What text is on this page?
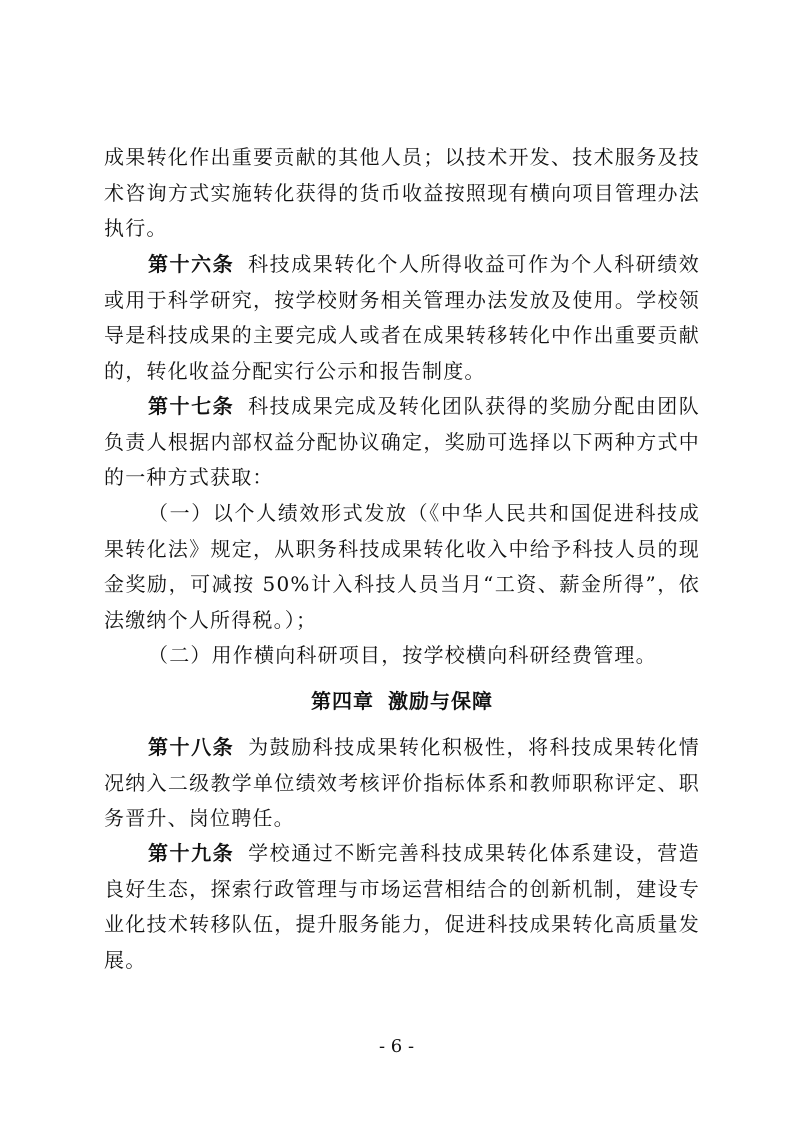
成果转化作出重要贡献的其他人员；以技术开发、技术服务及技术咨询方式实施转化获得的货币收益按照现有横向项目管理办法执行。

第十六条 科技成果转化个人所得收益可作为个人科研绩效或用于科学研究，按学校财务相关管理办法发放及使用。学校领导是科技成果的主要完成人或者在成果转移转化中作出重要贡献的，转化收益分配实行公示和报告制度。

第十七条 科技成果完成及转化团队获得的奖励分配由团队负责人根据内部权益分配协议确定，奖励可选择以下两种方式中的一种方式获取：

（一）以个人绩效形式发放（《中华人民共和国促进科技成果转化法》规定，从职务科技成果转化收入中给予科技人员的现金奖励，可减按 50%计入科技人员当月“工资、薪金所得”，依法缴纳个人所得税。）；

（二）用作横向科研项目，按学校横向科研经费管理。

第四章 激励与保障

第十八条 为鼓励科技成果转化积极性，将科技成果转化情况纳入二级教学单位绩效考核评价指标体系和教师职称评定、职务晋升、岗位聘任。

第十九条 学校通过不断完善科技成果转化体系建设，营造良好生态，探索行政管理与市场运营相结合的创新机制，建设专业化技术转移队伍，提升服务能力，促进科技成果转化高质量发展。

- 6 -
